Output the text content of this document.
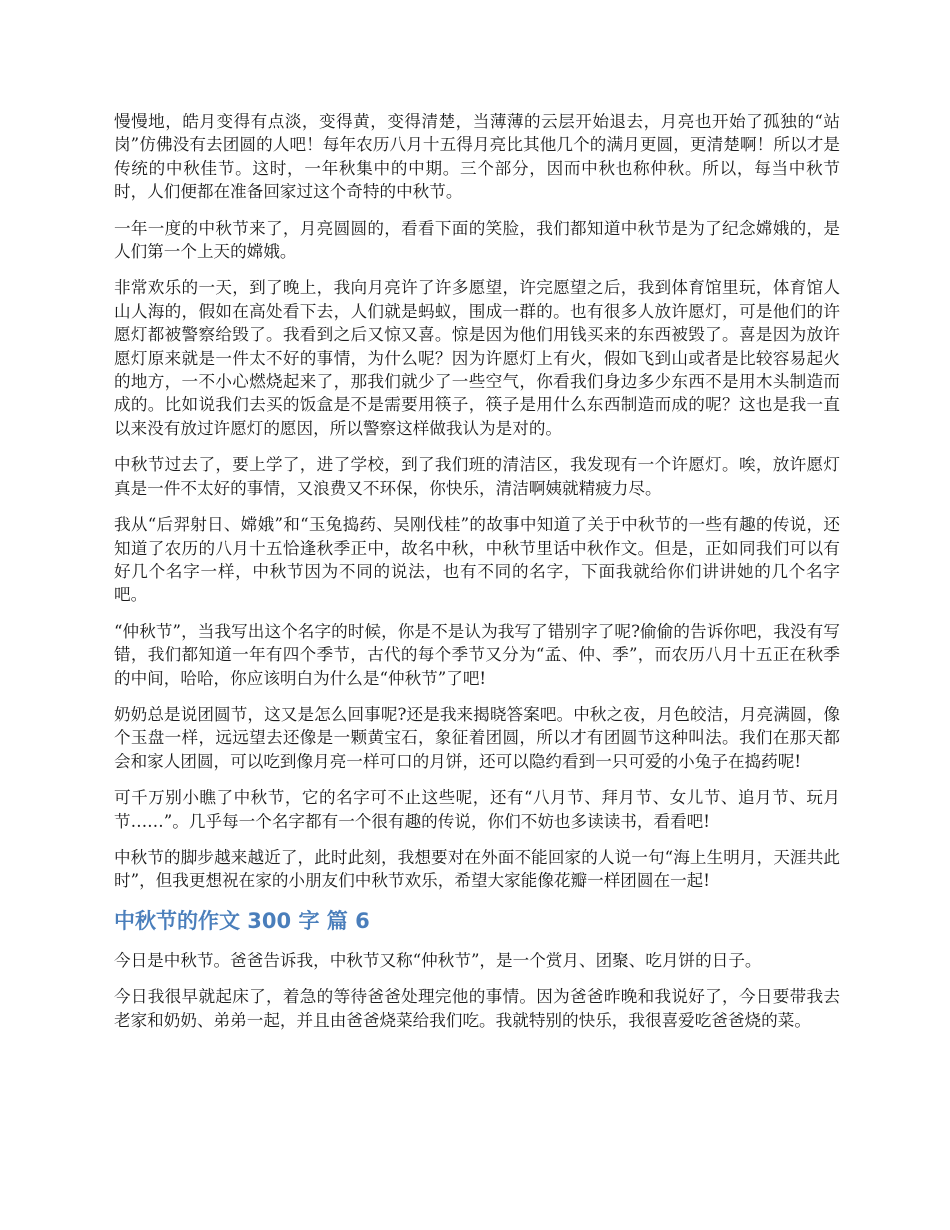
慢慢地，皓月变得有点淡，变得黄，变得清楚，当薄薄的云层开始退去，月亮也开始了孤独的“站岗”仿佛没有去团圆的人吧！每年农历八月十五得月亮比其他几个的满月更圆，更清楚啊！所以才是传统的中秋佳节。这时，一年秋集中的中期。三个部分，因而中秋也称仲秋。所以，每当中秋节时，人们便都在准备回家过这个奇特的中秋节。

一年一度的中秋节来了，月亮圆圆的，看看下面的笑脸，我们都知道中秋节是为了纪念嫦娥的，是人们第一个上天的嫦娥。

非常欢乐的一天，到了晚上，我向月亮许了许多愿望，许完愿望之后，我到体育馆里玩，体育馆人山人海的，假如在高处看下去，人们就是蚂蚁，围成一群的。也有很多人放许愿灯，可是他们的许愿灯都被警察给毁了。我看到之后又惊又喜。惊是因为他们用钱买来的东西被毁了。喜是因为放许愿灯原来就是一件太不好的事情，为什么呢？因为许愿灯上有火，假如飞到山或者是比较容易起火的地方，一不小心燃烧起来了，那我们就少了一些空气，你看我们身边多少东西不是用木头制造而成的。比如说我们去买的饭盒是不是需要用筷子，筷子是用什么东西制造而成的呢？这也是我一直以来没有放过许愿灯的愿因，所以警察这样做我认为是对的。

中秋节过去了，要上学了，进了学校，到了我们班的清洁区，我发现有一个许愿灯。唉，放许愿灯真是一件不太好的事情，又浪费又不环保，你快乐，清洁啊姨就精疲力尽。

我从“后羿射日、嫦娥”和“玉兔捣药、吴刚伐桂”的故事中知道了关于中秋节的一些有趣的传说，还知道了农历的八月十五恰逢秋季正中，故名中秋，中秋节里话中秋作文。但是，正如同我们可以有好几个名字一样，中秋节因为不同的说法，也有不同的名字，下面我就给你们讲讲她的几个名字吧。

“仲秋节”，当我写出这个名字的时候，你是不是认为我写了错别字了呢?偷偷的告诉你吧，我没有写错，我们都知道一年有四个季节，古代的每个季节又分为“孟、仲、季”，而农历八月十五正在秋季的中间，哈哈，你应该明白为什么是“仲秋节”了吧!

奶奶总是说团圆节，这又是怎么回事呢?还是我来揭晓答案吧。中秋之夜，月色皎洁，月亮满圆，像个玉盘一样，远远望去还像是一颗黄宝石，象征着团圆，所以才有团圆节这种叫法。我们在那天都会和家人团圆，可以吃到像月亮一样可口的月饼，还可以隐约看到一只可爱的小兔子在捣药呢!

可千万别小瞧了中秋节，它的名字可不止这些呢，还有“八月节、拜月节、女儿节、追月节、玩月节……”。几乎每一个名字都有一个很有趣的传说，你们不妨也多读读书，看看吧!

中秋节的脚步越来越近了，此时此刻，我想要对在外面不能回家的人说一句“海上生明月，天涯共此时”，但我更想祝在家的小朋友们中秋节欢乐，希望大家能像花瓣一样团圆在一起!

中秋节的作文 300 字 篇 6

今日是中秋节。爸爸告诉我，中秋节又称“仲秋节”，是一个赏月、团聚、吃月饼的日子。

今日我很早就起床了，着急的等待爸爸处理完他的事情。因为爸爸昨晚和我说好了，今日要带我去老家和奶奶、弟弟一起，并且由爸爸烧菜给我们吃。我就特别的快乐，我很喜爱吃爸爸烧的菜。
